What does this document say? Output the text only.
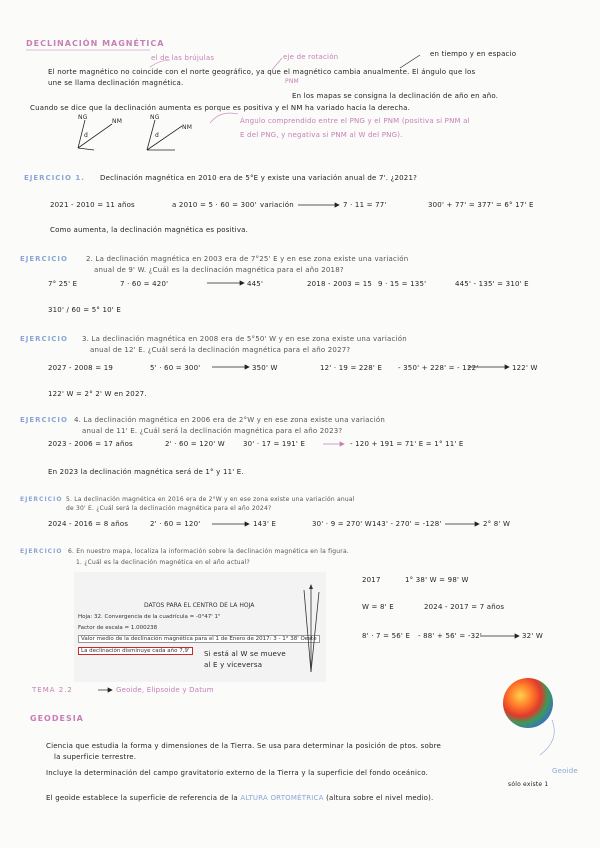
DECLINACIÓN MAGNÉTICA
el de las brújulas	eje de rotación	en tiempo y en espacio
PNM
El norte magnético no coincide con el norte geográfico, ya que el magnético cambia anualmente. El ángulo que los
une se llama declinación magnética.
En los mapas se consigna la declinación de año en año.
Cuando se dice que la declinación aumenta es porque es positiva y el NM ha variado hacia la derecha.
NG
NM
d
NG
NM
d
Ángulo comprendido entre el PNG y el PNM (positiva si PNM al
E del PNG, y negativa si PNM al W del PNG).
EJERCICIO 1. Declinación magnética en 2010 era de 5°E y existe una variación anual de 7'. ¿2021?
2021 - 2010 = 11 años	a 2010 = 5 · 60 = 300' variación	7 · 11 = 77'	300' + 77' = 377' = 6° 17' E
Como aumenta, la declinación magnética es positiva.
EJERCICIO	2. La declinación magnética en 2003 era de 7°25' E y en ese zona existe una variación
anual de 9' W. ¿Cuál es la declinación magnética para el año 2018?
7° 25' E	7 · 60 = 420'	445'	2018 - 2003 = 15 9 · 15 = 135'	445' - 135' = 310' E
310' / 60 = 5° 10' E
EJERCICIO 3. La declinación magnética en 2008 era de 5°50' W y en ese zona existe una variación
anual de 12' E. ¿Cuál será la declinación magnética para el año 2027?
2027 - 2008 = 19	5' · 60 = 300'	350' W	12' · 19 = 228' E - 350' + 228' = - 122'	122' W
122' W = 2° 2' W en 2027.
EJERCICIO 4. La declinación magnética en 2006 era de 2°W y en ese zona existe una variación
anual de 11' E. ¿Cuál será la declinación magnética para el año 2023?
2023 - 2006 = 17 años	2' · 60 = 120' W	30' · 17 = 191' E	- 120 + 191 = 71' E = 1° 11' E
En 2023 la declinación magnética será de 1° y 11' E.
EJERCICIO 5. La declinación magnética en 2016 era de 2°W y en ese zona existe una variación anual
de 30' E. ¿Cuál será la declinación magnética para el año 2024?
2024 - 2016 = 8 años	2' · 60 = 120'	143' E	30' · 9 = 270' W 143' - 270' = -128'	2° 8' W
EJERCICIO 6. En nuestro mapa, localiza la información sobre la declinación magnética en la figura.
1. ¿Cuál es la declinación magnética en el año actual?
DATOS PARA EL CENTRO DE LA HOJA
Hoja: 32. Convergencia de la cuadrícula = -0°47' 1"
Factor de escala = 1.000238
Valor medio de la declinación magnética para el 1 de Enero de 2017: 3 - 1° 38' Oeste
La declinación disminuye cada año 7,9'	Si está al W se mueve
al E y viceversa
2017	1° 38' W = 98' W
W = 8' E	2024 - 2017 = 7 años
8' · 7 = 56' E - 88' + 56' = -32'	32' W
TEMA 2.2	Geoide, Elipsoide y Datum
GEODESIA
Ciencia que estudia la forma y dimensiones de la Tierra. Se usa para determinar la posición de ptos. sobre
la superficie terrestre.
Incluye la determinación del campo gravitatorio externo de la Tierra y la superficie del fondo oceánico.
El geoide establece la superficie de referencia de la ALTURA ORTOMÉTRICA (altura sobre el nivel medio).
Geoide
sólo existe 1
